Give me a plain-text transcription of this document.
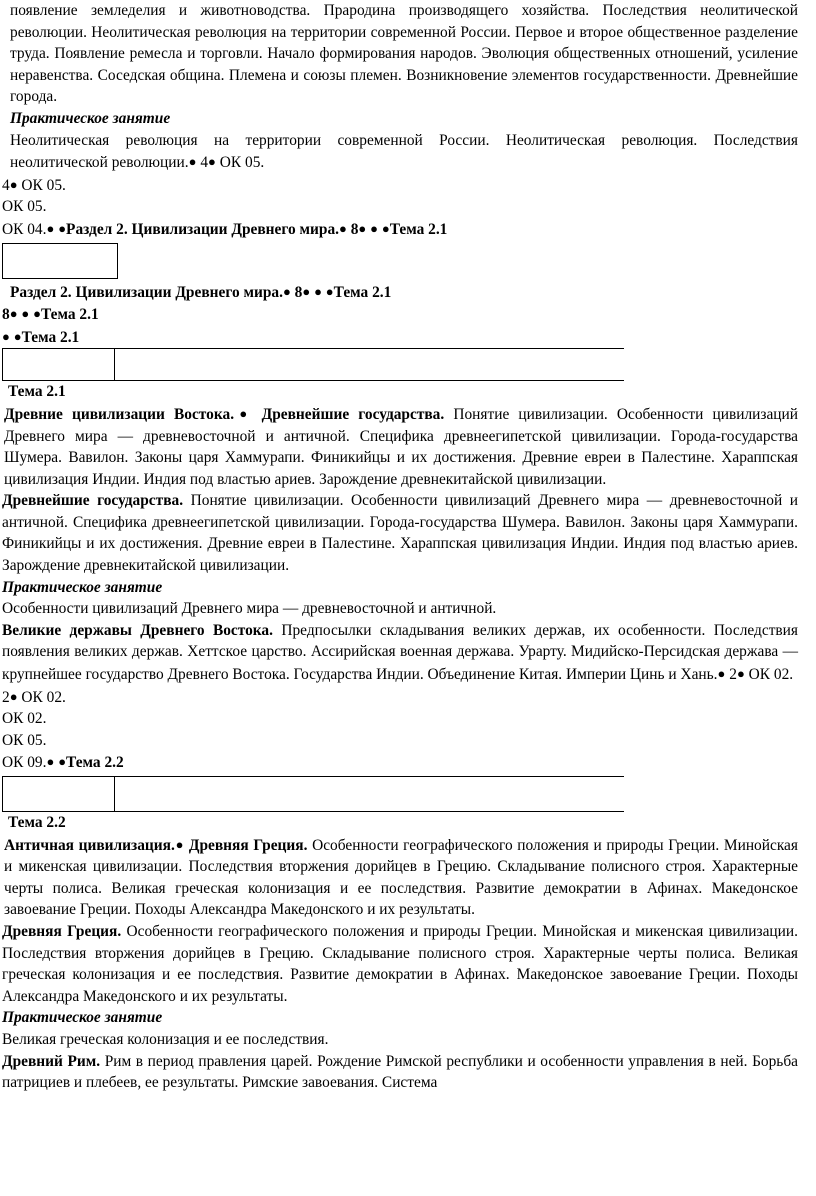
появление земледелия и животноводства. Прародина производящего хозяйства. Последствия неолитической революции. Неолитическая революция на территории современной России. Первое и второе общественное разделение труда. Появление ремесла и торговли. Начало формирования народов. Эволюция общественных отношений, усиление неравенства. Соседская община. Племена и союзы племен. Возникновение элементов государственности. Древнейшие города.

Практическое занятие

Неолитическая революция на территории современной России. Неолитическая революция. Последствия неолитической революции.● 4● ОК 05.

4● ОК 05.

ОК 05.

ОК 04.● ●Раздел 2. Цивилизации Древнего мира.● 8● ● ●Тема 2.1

Раздел 2. Цивилизации Древнего мира.● 8● ● ●Тема 2.1

8● ● ●Тема 2.1

● ●Тема 2.1

Тема 2.1

Древние цивилизации Востока.● Древнейшие государства. Понятие цивилизации. Особенности цивилизаций Древнего мира — древневосточной и античной. Специфика древнеегипетской цивилизации. Города-государства Шумера. Вавилон. Законы царя Хаммурапи. Финикийцы и их достижения. Древние евреи в Палестине. Хараппская цивилизация Индии. Индия под властью ариев. Зарождение древнекитайской цивилизации.

Древнейшие государства. Понятие цивилизации. Особенности цивилизаций Древнего мира — древневосточной и античной. Специфика древнеегипетской цивилизации. Города-государства Шумера. Вавилон. Законы царя Хаммурапи. Финикийцы и их достижения. Древние евреи в Палестине. Хараппская цивилизация Индии. Индия под властью ариев. Зарождение древнекитайской цивилизации.

Практическое занятие

Особенности цивилизаций Древнего мира — древневосточной и античной.

Великие державы Древнего Востока. Предпосылки складывания великих держав, их особенности. Последствия появления великих держав. Хеттское царство. Ассирийская военная держава. Урарту. Мидийско-Персидская держава — крупнейшее государство Древнего Востока. Государства Индии. Объединение Китая. Империи Цинь и Хань.● 2● ОК 02.

2● ОК 02.

ОК 02.

ОК 05.

ОК 09.● ●Тема 2.2

Тема 2.2

Античная цивилизация.● Древняя Греция. Особенности географического положения и природы Греции. Минойская и микенская цивилизации. Последствия вторжения дорийцев в Грецию. Складывание полисного строя. Характерные черты полиса. Великая греческая колонизация и ее последствия. Развитие демократии в Афинах. Македонское завоевание Греции. Походы Александра Македонского и их результаты.

Древняя Греция. Особенности географического положения и природы Греции. Минойская и микенская цивилизации. Последствия вторжения дорийцев в Грецию. Складывание полисного строя. Характерные черты полиса. Великая греческая колонизация и ее последствия. Развитие демократии в Афинах. Македонское завоевание Греции. Походы Александра Македонского и их результаты.

Практическое занятие

Великая греческая колонизация и ее последствия.

Древний Рим. Рим в период правления царей. Рождение Римской республики и особенности управления в ней. Борьба патрициев и плебеев, ее результаты. Римские завоевания. Система
